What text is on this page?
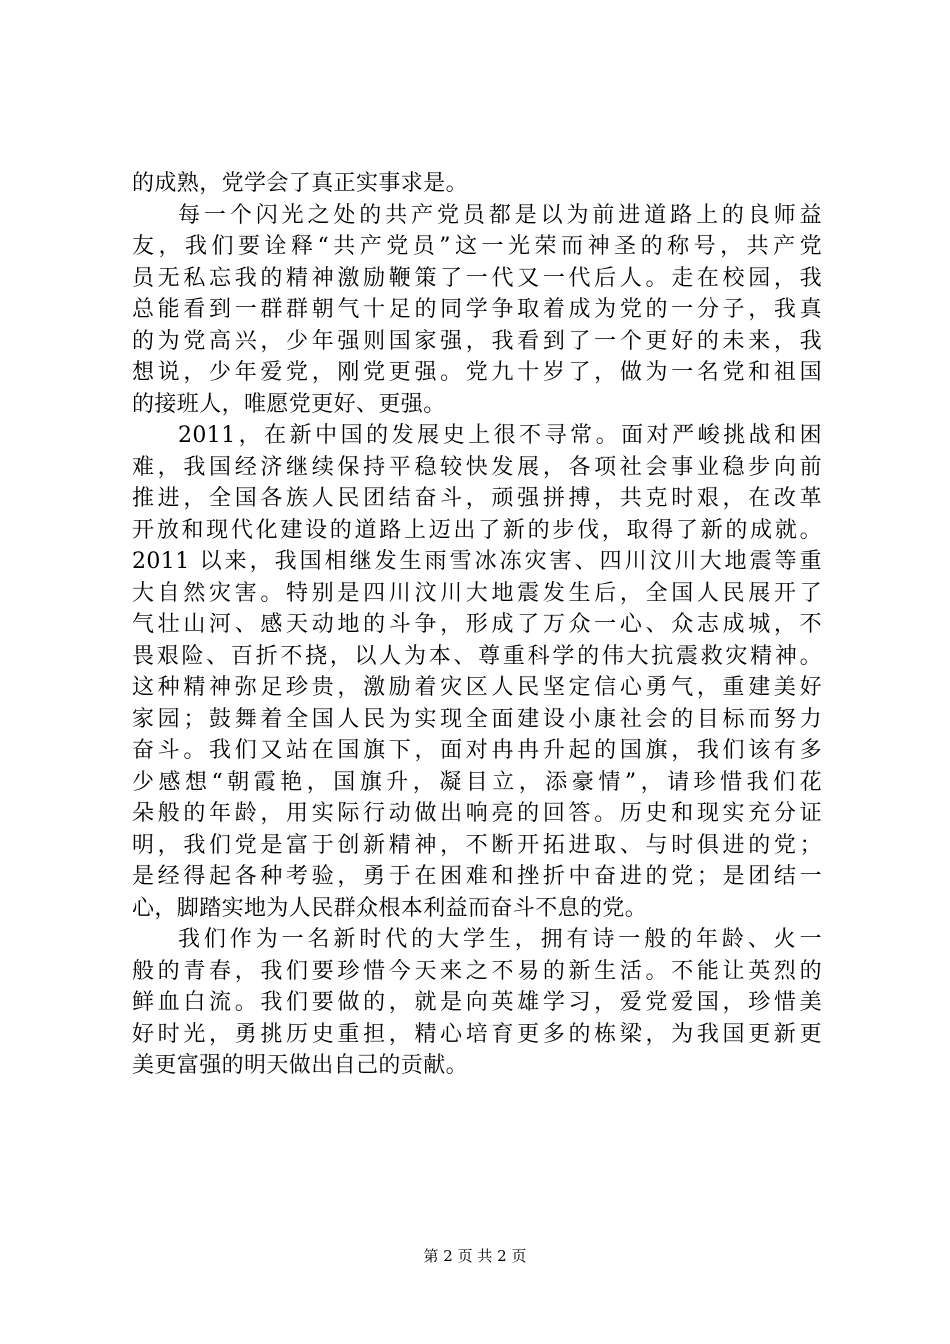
的成熟，党学会了真正实事求是。
每一个闪光之处的共产党员都是以为前进道路上的良师益
友，我们要诠释“共产党员”这一光荣而神圣的称号，共产党
员无私忘我的精神激励鞭策了一代又一代后人。走在校园，我
总能看到一群群朝气十足的同学争取着成为党的一分子，我真
的为党高兴，少年强则国家强，我看到了一个更好的未来，我
想说，少年爱党，刚党更强。党九十岁了，做为一名党和祖国
的接班人，唯愿党更好、更强。
2011，在新中国的发展史上很不寻常。面对严峻挑战和困
难，我国经济继续保持平稳较快发展，各项社会事业稳步向前
推进，全国各族人民团结奋斗，顽强拼搏，共克时艰，在改革
开放和现代化建设的道路上迈出了新的步伐，取得了新的成就。
2011 以来，我国相继发生雨雪冰冻灾害、四川汶川大地震等重
大自然灾害。特别是四川汶川大地震发生后，全国人民展开了
气壮山河、感天动地的斗争，形成了万众一心、众志成城，不
畏艰险、百折不挠，以人为本、尊重科学的伟大抗震救灾精神。
这种精神弥足珍贵，激励着灾区人民坚定信心勇气，重建美好
家园；鼓舞着全国人民为实现全面建设小康社会的目标而努力
奋斗。我们又站在国旗下，面对冉冉升起的国旗，我们该有多
少感想“朝霞艳，国旗升，凝目立，添豪情”，请珍惜我们花
朵般的年龄，用实际行动做出响亮的回答。历史和现实充分证
明，我们党是富于创新精神，不断开拓进取、与时俱进的党；
是经得起各种考验，勇于在困难和挫折中奋进的党；是团结一
心，脚踏实地为人民群众根本利益而奋斗不息的党。
我们作为一名新时代的大学生，拥有诗一般的年龄、火一
般的青春，我们要珍惜今天来之不易的新生活。不能让英烈的
鲜血白流。我们要做的，就是向英雄学习，爱党爱国，珍惜美
好时光，勇挑历史重担，精心培育更多的栋梁，为我国更新更
美更富强的明天做出自己的贡献。
第 2 页 共 2 页
